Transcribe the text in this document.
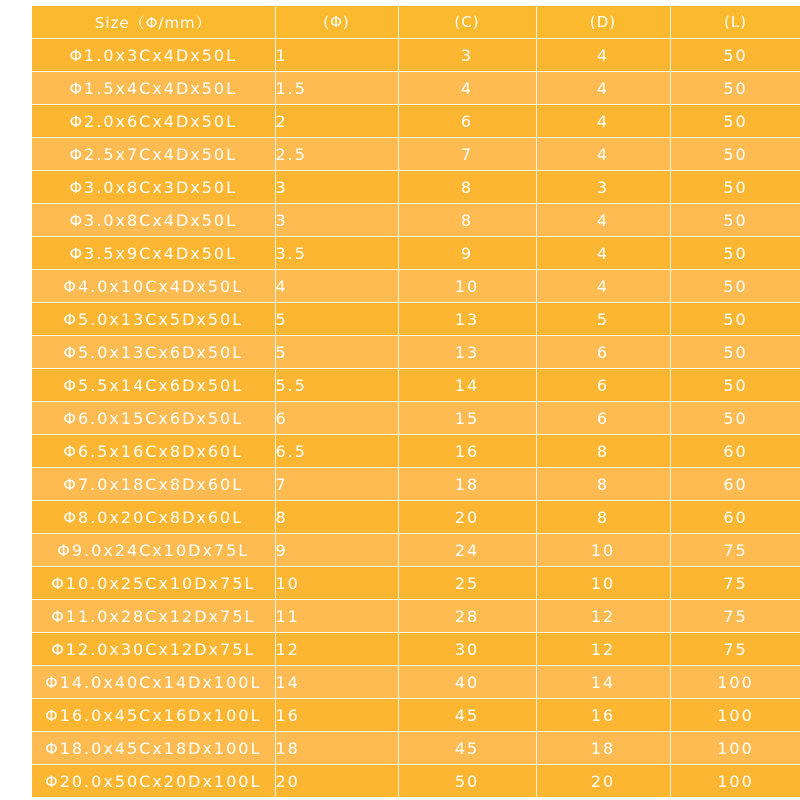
Size（Φ/mm）	(Φ)	(C)	(D)	(L)
Φ1.0x3Cx4Dx50L	1	3	4	50
Φ1.5x4Cx4Dx50L	1.5	4	4	50
Φ2.0x6Cx4Dx50L	2	6	4	50
Φ2.5x7Cx4Dx50L	2.5	7	4	50
Φ3.0x8Cx3Dx50L	3	8	3	50
Φ3.0x8Cx4Dx50L	3	8	4	50
Φ3.5x9Cx4Dx50L	3.5	9	4	50
Φ4.0x10Cx4Dx50L	4	10	4	50
Φ5.0x13Cx5Dx50L	5	13	5	50
Φ5.0x13Cx6Dx50L	5	13	6	50
Φ5.5x14Cx6Dx50L	5.5	14	6	50
Φ6.0x15Cx6Dx50L	6	15	6	50
Φ6.5x16Cx8Dx60L	6.5	16	8	60
Φ7.0x18Cx8Dx60L	7	18	8	60
Φ8.0x20Cx8Dx60L	8	20	8	60
Φ9.0x24Cx10Dx75L	9	24	10	75
Φ10.0x25Cx10Dx75L	10	25	10	75
Φ11.0x28Cx12Dx75L	11	28	12	75
Φ12.0x30Cx12Dx75L	12	30	12	75
Φ14.0x40Cx14Dx100L	14	40	14	100
Φ16.0x45Cx16Dx100L	16	45	16	100
Φ18.0x45Cx18Dx100L	18	45	18	100
Φ20.0x50Cx20Dx100L	20	50	20	100
